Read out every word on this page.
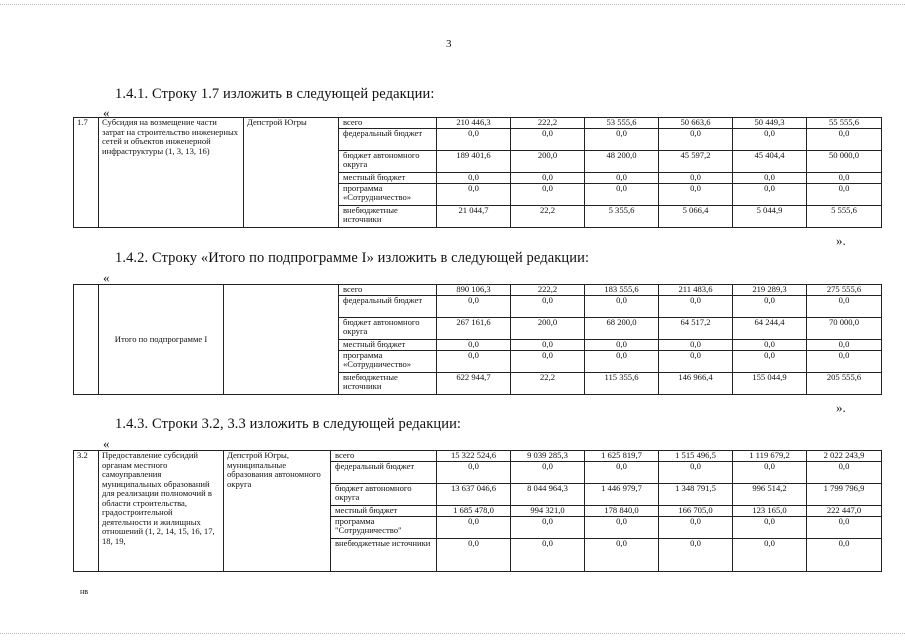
3
1.4.1. Строку 1.7 изложить в следующей редакции:
«
1.7	Субсидия на возмещение части затрат на строительство инженерных сетей и объектов инженерной инфраструктуры (1, 3, 13, 16)	Депстрой Югры	всего	210 446,3	222,2	53 555,6	50 663,6	50 449,3	55 555,6
			федеральный бюджет	0,0	0,0	0,0	0,0	0,0	0,0
			бюджет автономного округа	189 401,6	200,0	48 200,0	45 597,2	45 404,4	50 000,0
			местный бюджет	0,0	0,0	0,0	0,0	0,0	0,0
			программа «Сотрудничество»	0,0	0,0	0,0	0,0	0,0	0,0
			внебюджетные источники	21 044,7	22,2	5 355,6	5 066,4	5 044,9	5 555,6
».
1.4.2. Строку «Итого по подпрограмме I» изложить в следующей редакции:
«
	Итого по подпрограмме I		всего	890 106,3	222,2	183 555,6	211 483,6	219 289,3	275 555,6
			федеральный бюджет	0,0	0,0	0,0	0,0	0,0	0,0
			бюджет автономного округа	267 161,6	200,0	68 200,0	64 517,2	64 244,4	70 000,0
			местный бюджет	0,0	0,0	0,0	0,0	0,0	0,0
			программа «Сотрудничество»	0,0	0,0	0,0	0,0	0,0	0,0
			внебюджетные источники	622 944,7	22,2	115 355,6	146 966,4	155 044,9	205 555,6
».
1.4.3. Строки 3.2, 3.3 изложить в следующей редакции:
«
3.2	Предоставление субсидий органам местного самоуправления муниципальных образований для реализации полномочий в области строительства, градостроительной деятельности и жилищных отношений (1, 2, 14, 15, 16, 17, 18, 19,	Депстрой Югры, муниципальные образования автономного округа	всего	15 322 524,6	9 039 285,3	1 625 819,7	1 515 496,5	1 119 679,2	2 022 243,9
			федеральный бюджет	0,0	0,0	0,0	0,0	0,0	0,0
			бюджет автономного округа	13 637 046,6	8 044 964,3	1 446 979,7	1 348 791,5	996 514,2	1 799 796,9
			местный бюджет	1 685 478,0	994 321,0	178 840,0	166 705,0	123 165,0	222 447,0
			программа "Сотрудничество"	0,0	0,0	0,0	0,0	0,0	0,0
			внебюджетные источники	0,0	0,0	0,0	0,0	0,0	0,0
нв
